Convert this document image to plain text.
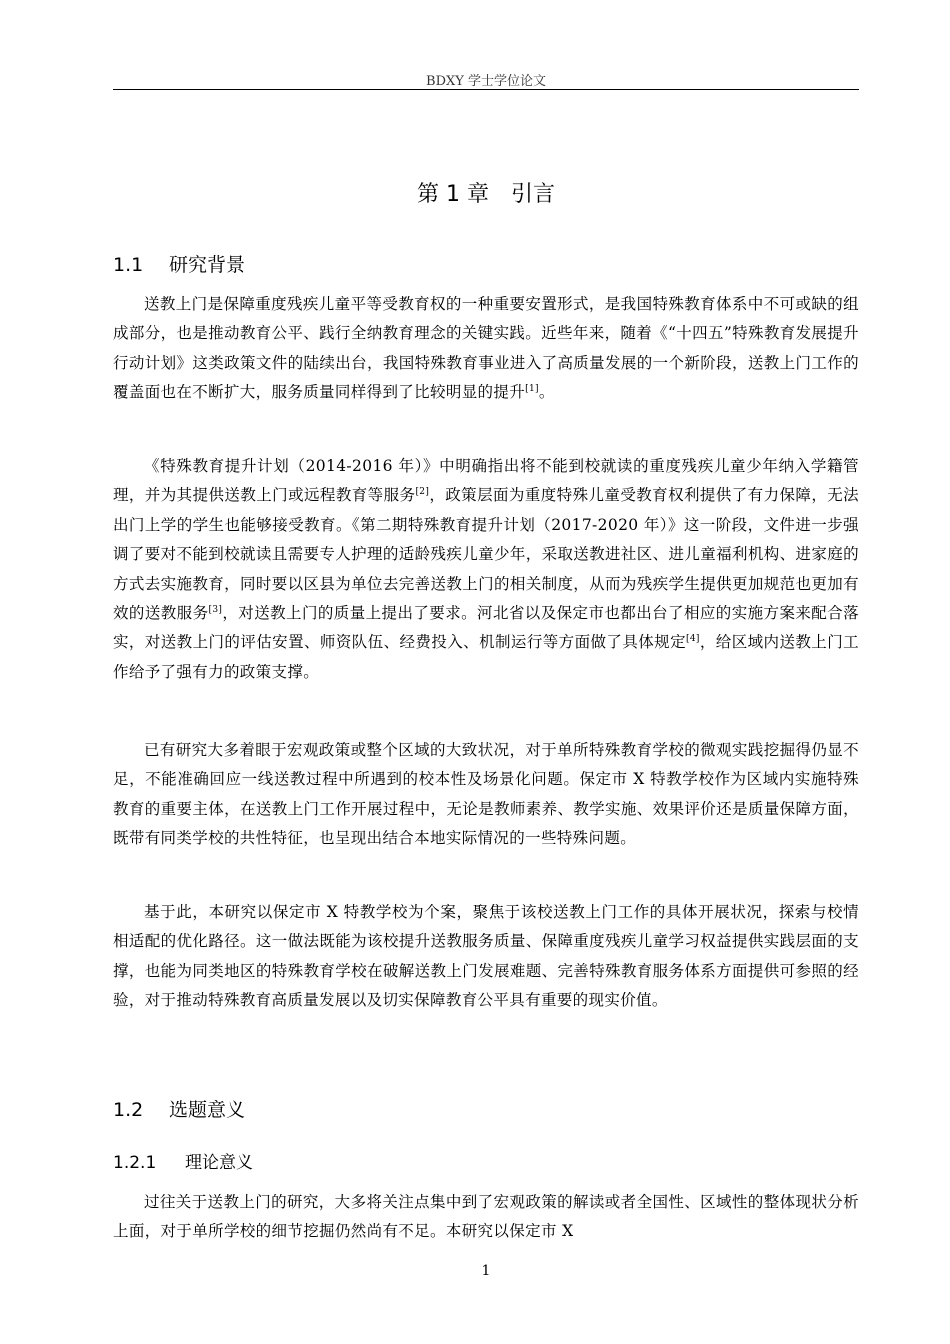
BDXY 学士学位论文
第 1 章 引言
1.1 研究背景

送教上门是保障重度残疾儿童平等受教育权的一种重要安置形式，是我国特殊教育体系中不可或缺的组成部分，也是推动教育公平、践行全纳教育理念的关键实践。近些年来，随着《“十四五”特殊教育发展提升行动计划》这类政策文件的陆续出台，我国特殊教育事业进入了高质量发展的一个新阶段，送教上门工作的覆盖面也在不断扩大，服务质量同样得到了比较明显的提升[1]。

《特殊教育提升计划（2014-2016 年）》中明确指出将不能到校就读的重度残疾儿童少年纳入学籍管理，并为其提供送教上门或远程教育等服务[2]，政策层面为重度特殊儿童受教育权利提供了有力保障，无法出门上学的学生也能够接受教育。《第二期特殊教育提升计划（2017-2020 年）》这一阶段，文件进一步强调了要对不能到校就读且需要专人护理的适龄残疾儿童少年，采取送教进社区、进儿童福利机构、进家庭的方式去实施教育，同时要以区县为单位去完善送教上门的相关制度，从而为残疾学生提供更加规范也更加有效的送教服务[3]，对送教上门的质量上提出了要求。河北省以及保定市也都出台了相应的实施方案来配合落实，对送教上门的评估安置、师资队伍、经费投入、机制运行等方面做了具体规定[4]，给区域内送教上门工作给予了强有力的政策支撑。

已有研究大多着眼于宏观政策或整个区域的大致状况，对于单所特殊教育学校的微观实践挖掘得仍显不足，不能准确回应一线送教过程中所遇到的校本性及场景化问题。保定市 X 特教学校作为区域内实施特殊教育的重要主体，在送教上门工作开展过程中，无论是教师素养、教学实施、效果评价还是质量保障方面，既带有同类学校的共性特征，也呈现出结合本地实际情况的一些特殊问题。

基于此，本研究以保定市 X 特教学校为个案，聚焦于该校送教上门工作的具体开展状况，探索与校情相适配的优化路径。这一做法既能为该校提升送教服务质量、保障重度残疾儿童学习权益提供实践层面的支撑，也能为同类地区的特殊教育学校在破解送教上门发展难题、完善特殊教育服务体系方面提供可参照的经验，对于推动特殊教育高质量发展以及切实保障教育公平具有重要的现实价值。

1.2 选题意义
1.2.1 理论意义

过往关于送教上门的研究，大多将关注点集中到了宏观政策的解读或者全国性、区域性的整体现状分析上面，对于单所学校的细节挖掘仍然尚有不足。本研究以保定市 X

1
